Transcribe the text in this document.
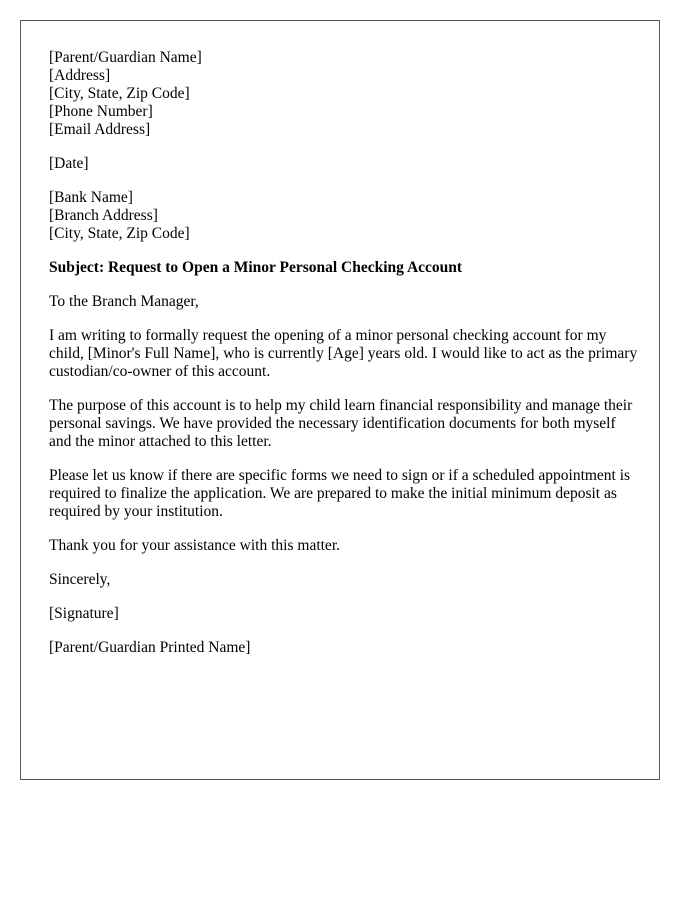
[Parent/Guardian Name]
[Address]
[City, State, Zip Code]
[Phone Number]
[Email Address]
[Date]
[Bank Name]
[Branch Address]
[City, State, Zip Code]

Subject: Request to Open a Minor Personal Checking Account

To the Branch Manager,

I am writing to formally request the opening of a minor personal checking account for my child, [Minor's Full Name], who is currently [Age] years old. I would like to act as the primary custodian/co-owner of this account.

The purpose of this account is to help my child learn financial responsibility and manage their personal savings. We have provided the necessary identification documents for both myself and the minor attached to this letter.

Please let us know if there are specific forms we need to sign or if a scheduled appointment is required to finalize the application. We are prepared to make the initial minimum deposit as required by your institution.

Thank you for your assistance with this matter.

Sincerely,

[Signature]

[Parent/Guardian Printed Name]
